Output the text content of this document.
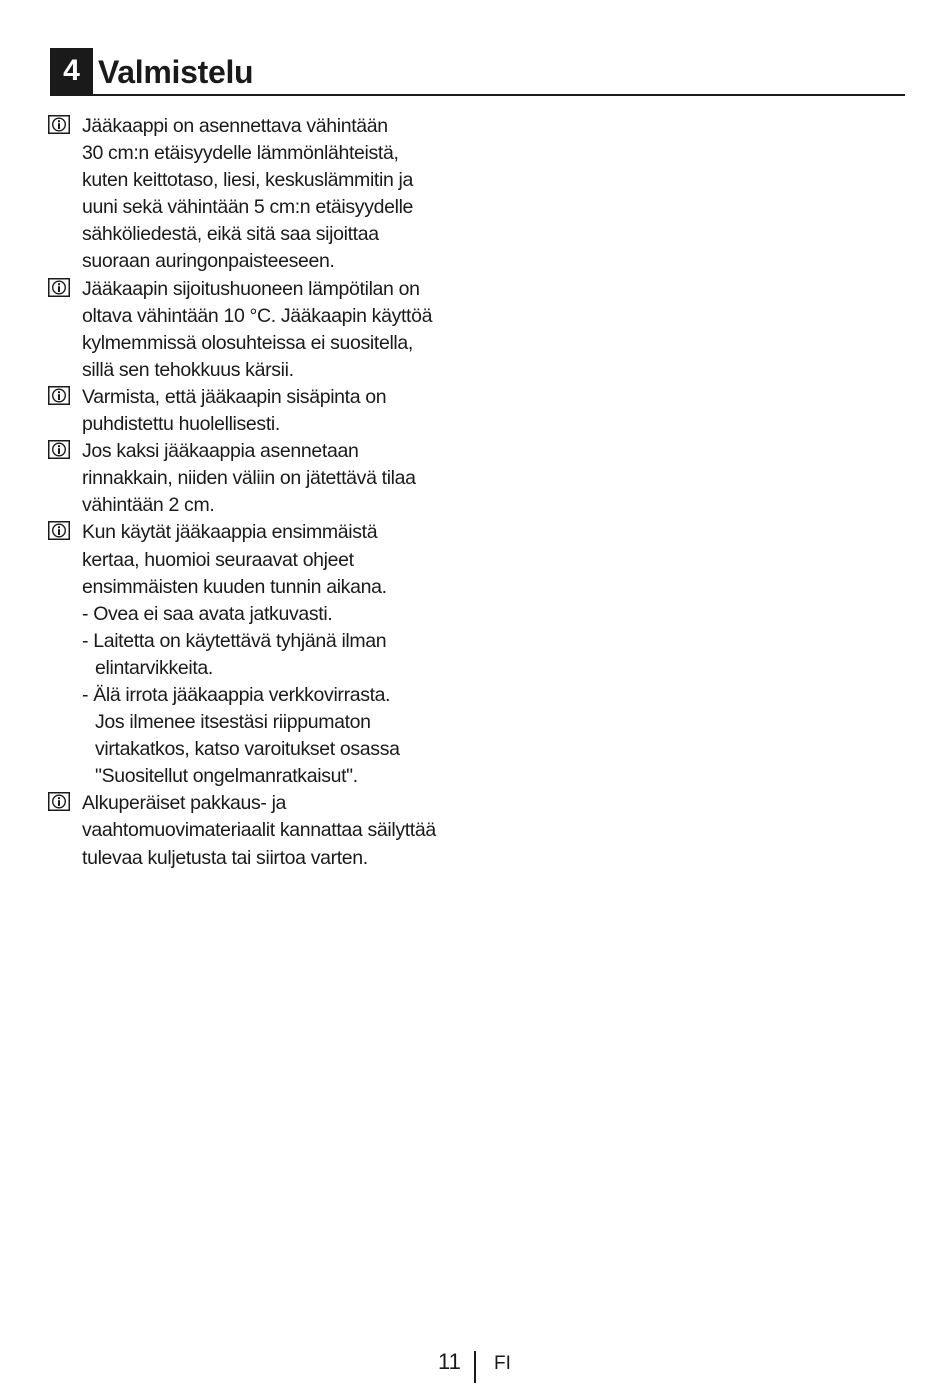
4 Valmistelu
Jääkaappi on asennettava vähintään
30 cm:n etäisyydelle lämmönlähteistä,
kuten keittotaso, liesi, keskuslämmitin ja
uuni sekä vähintään 5 cm:n etäisyydelle
sähköliedestä, eikä sitä saa sijoittaa
suoraan auringonpaisteeseen.
Jääkaapin sijoitushuoneen lämpötilan on
oltava vähintään 10 °C. Jääkaapin käyttöä
kylmemmissä olosuhteissa ei suositella,
sillä sen tehokkuus kärsii.
Varmista, että jääkaapin sisäpinta on
puhdistettu huolellisesti.
Jos kaksi jääkaappia asennetaan
rinnakkain, niiden väliin on jätettävä tilaa
vähintään 2 cm.
Kun käytät jääkaappia ensimmäistä
kertaa, huomioi seuraavat ohjeet
ensimmäisten kuuden tunnin aikana.
- Ovea ei saa avata jatkuvasti.
- Laitetta on käytettävä tyhjänä ilman
elintarvikkeita.
- Älä irrota jääkaappia verkkovirrasta.
Jos ilmenee itsestäsi riippumaton
virtakatkos, katso varoitukset osassa
"Suositellut ongelmanratkaisut".
Alkuperäiset pakkaus- ja
vaahtomuovimateriaalit kannattaa säilyttää
tulevaa kuljetusta tai siirtoa varten.
11 FI
